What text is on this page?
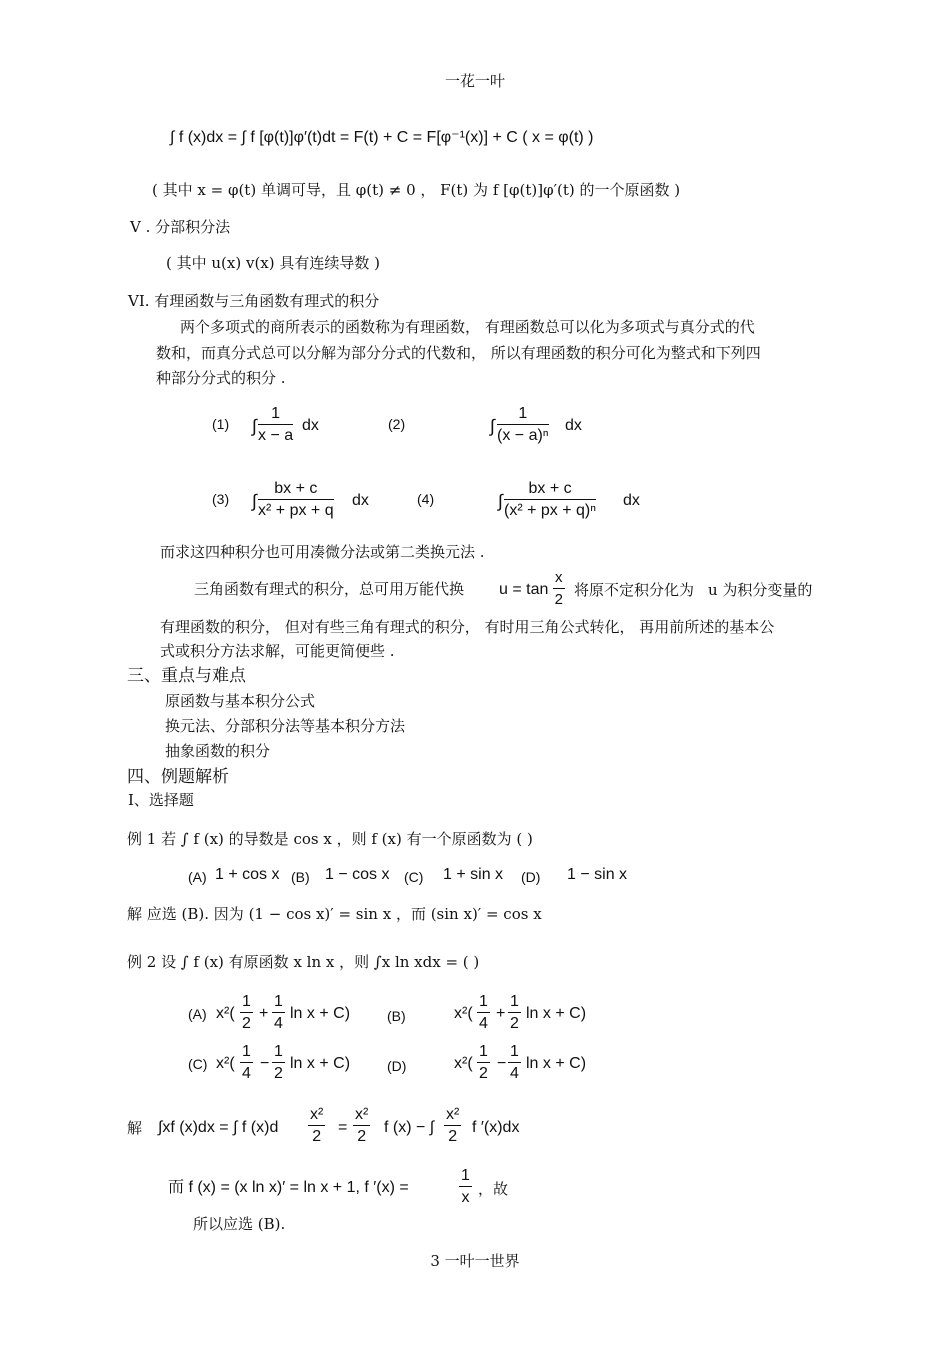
一花一叶
∫ f (x)dx = ∫ f [φ(t)]φ′(t)dt = F(t) + C = F[φ⁻¹(x)] + C ( x = φ(t) )
( 其中 x = φ(t) 单调可导，且 φ(t) ≠ 0 ， F(t) 为 f [φ(t)]φ′(t) 的一个原函数 )
V . 分部积分法
( 其中 u(x) v(x) 具有连续导数 )
VI. 有理函数与三角函数有理式的积分
两个多项式的商所表示的函数称为有理函数， 有理函数总可以化为多项式与真分式的代
数和，而真分式总可以分解为部分分式的代数和， 所以有理函数的积分可化为整式和下列四
种部分分式的积分 .
(1) ∫ $\frac{1}{x - a}$ dx	(2)	∫ $\frac{1}{\text{(x − a)ⁿ}}$ dx
(3) ∫ $\frac{bx + c}{\text{x² + px + q}}$ dx	(4)	∫ $\frac{bx + c}{\text{(x² + px + q)ⁿ}}$ dx
而求这四种积分也可用凑微分法或第二类换元法 .
三角函数有理式的积分，总可用万能代换 $u = \tan \frac{x}{2}$ 将原不定积分化为 u 为积分变量的
有理函数的积分， 但对有些三角有理式的积分， 有时用三角公式转化， 再用前所述的基本公
式或积分方法求解，可能更简便些 .
三、重点与难点
原函数与基本积分公式
换元法、分部积分法等基本积分方法
抽象函数的积分
四、例题解析
Ⅰ、选择题
例 1 若 ∫ f (x) 的导数是 cos x ，则 f (x) 有一个原函数为 ( )
(A) 1 + cos x (B) 1 − cos x (C) 1 + sin x (D) 1 − sin x
解 应选 (B). 因为 (1 − cos x)′ = sin x ，而 (sin x)′ = cos x
例 2 设 ∫ f (x) 有原函数 x ln x ，则 ∫x ln xdx = ( )
(A) $x^2( \frac{1}{2} + \frac{1}{4}$ ln x + C)	(B)	$x^2( \frac{1}{4} + \frac{1}{2}$ ln x + C)
(C) $x^2( \frac{1}{4} - \frac{1}{2}$ ln x + C)	(D)	$x^2( \frac{1}{2} - \frac{1}{4}$ ln x + C)
解 ∫xf (x)dx = ∫ f $(x)d \frac{\text{x²}}{2} = \frac{\text{x²}}{2}$ f (x) − ∫ $\frac{\text{x²}}{2}$ f ′(x)dx
而 f (x) = (x ln x)′ = ln x + 1, f ′(x) =	$\frac{1}{x}$ ，故
所以应选 (B).
3 一叶一世界
